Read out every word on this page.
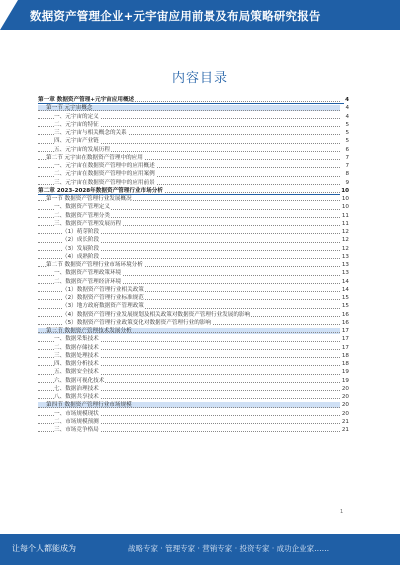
数据资产管理企业+元宇宙应用前景及布局策略研究报告
内容目录
第一章 数据资产管理+元宇宙应用概述	4
第一节 元宇宙概念	4
一、元宇宙的定义	4
二、元宇宙的特征	5
三、元宇宙与相关概念的关系	5
四、元宇宙产业链	5
五、元宇宙的发展历程	6
第二节 元宇宙在数据资产管理中的应用	7
一、元宇宙在数据资产管理中的应用概述	7
二、元宇宙在数据资产管理中的应用案例	8
三、元宇宙在数据资产管理中的应用前景	9
第二章 2023-2028年数据资产管理行业市场分析	10
第一节 数据资产管理行业发展概况	10
一、数据资产管理定义	10
二、数据资产管理分类	11
三、数据资产管理发展历程	11
（1）萌芽阶段	12
（2）成长阶段	12
（3）发展阶段	12
（4）成熟阶段	13
第二节 数据资产管理行业市场环境分析	13
一、数据资产管理政策环境	13
二、数据资产管理经济环境	14
（1）数据资产管理行业相关政策	14
（2）数据资产管理行业标准规范	15
（3）地方政府数据资产管理政策	15
（4）数据资产管理行业发展规划及相关政策对数据资产管理行业发展的影响	16
（5）数据资产管理行业政策变化对数据资产管理行业的影响	16
第三节 数据资产管理技术发展分析	17
一、数据采集技术	17
二、数据存储技术	17
三、数据处理技术	18
四、数据分析技术	18
五、数据安全技术	19
六、数据可视化技术	19
七、数据治理技术	20
八、数据共享技术	20
第四节 数据资产管理行业市场规模	20
一、市场规模现状	20
二、市场规模预测	21
三、市场竞争格局	21
1
让每个人都能成为	战略专家 · 管理专家 · 营销专家 · 投资专家 · 成功企业家……
